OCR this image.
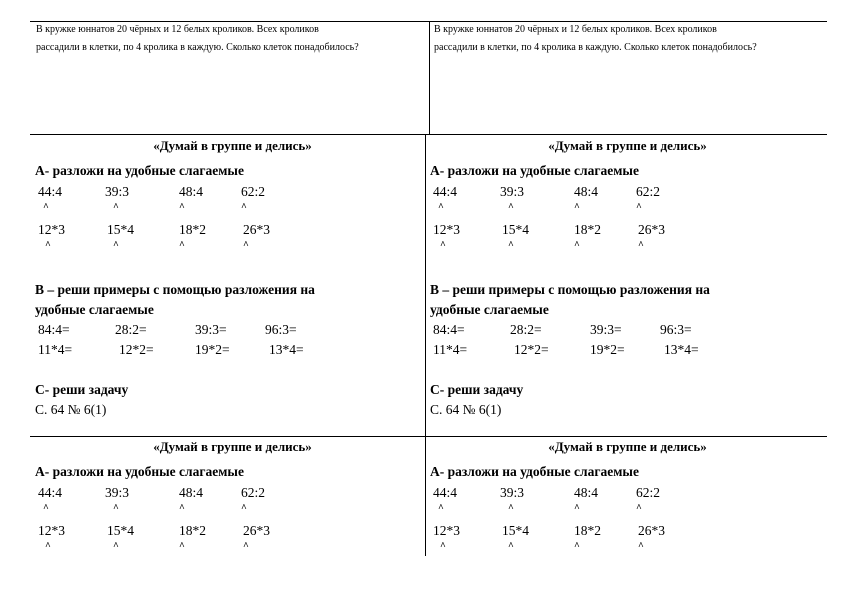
В кружке юннатов 20 чёрных и 12 белых кроликов. Всех кроликов
рассадили в клетки, по 4 кролика в каждую. Сколько клеток понадобилось?
В кружке юннатов 20 чёрных и 12 белых кроликов. Всех кроликов
рассадили в клетки, по 4 кролика в каждую. Сколько клеток понадобилось?
«Думай в группе и делись»
А- разложи на удобные слагаемые
44:4	39:3	48:4	62:2
^	^	^	^
12*3	15*4	18*2	26*3
^	^	^	^
В – реши примеры с помощью разложения на
удобные слагаемые
84:4=	28:2=	39:3=	96:3=
11*4=	12*2=	19*2=	13*4=
С- реши задачу
С. 64 № 6(1)
«Думай в группе и делись»
А- разложи на удобные слагаемые
44:4	39:3	48:4	62:2
^	^	^	^
12*3	15*4	18*2	26*3
^	^	^	^
В – реши примеры с помощью разложения на
удобные слагаемые
84:4=	28:2=	39:3=	96:3=
11*4=	12*2=	19*2=	13*4=
С- реши задачу
С. 64 № 6(1)
«Думай в группе и делись»
А- разложи на удобные слагаемые
44:4	39:3	48:4	62:2
^	^	^	^
12*3	15*4	18*2	26*3
^	^	^	^
«Думай в группе и делись»
А- разложи на удобные слагаемые
44:4	39:3	48:4	62:2
^	^	^	^
12*3	15*4	18*2	26*3
^	^	^	^
